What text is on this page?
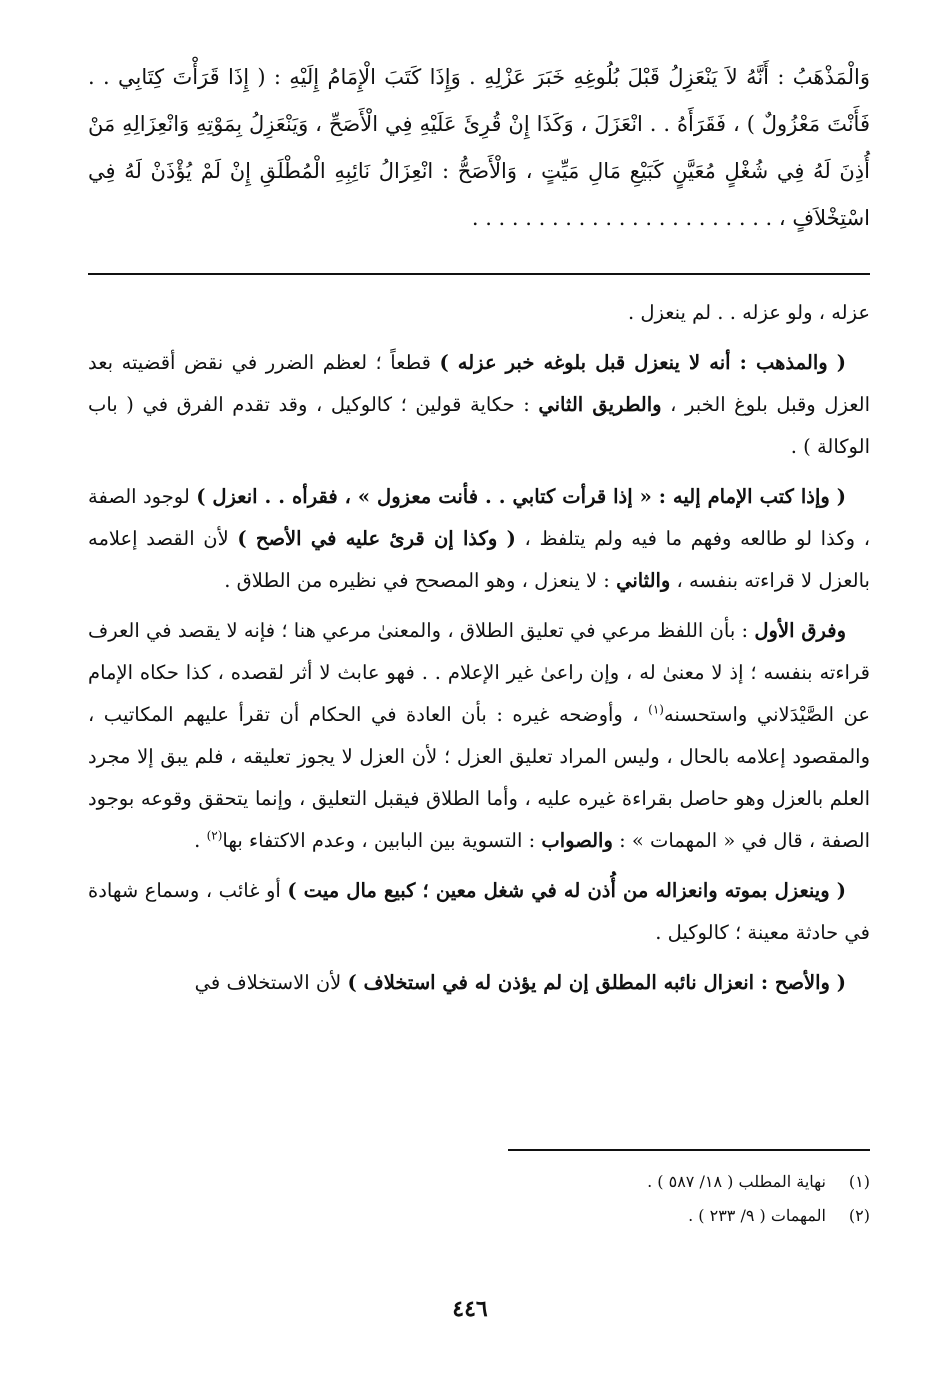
وَالْمَذْهَبُ : أَنَّهُ لاَ يَنْعَزِلُ قَبْلَ بُلُوغِهِ خَبَرَ عَزْلِهِ . وَإِذَا كَتَبَ الْإِمَامُ إِلَيْهِ : ( إِذَا قَرَأْتَ كِتَابِي . . فَأَنْتَ مَعْزُولٌ ) ، فَقَرَأَهُ . . انْعَزَلَ ، وَكَذَا إِنْ قُرِئَ عَلَيْهِ فِي الْأَصَحِّ ، وَيَنْعَزِلُ بِمَوْتِهِ وَانْعِزَالِهِ مَنْ أُذِنَ لَهُ فِي شُغْلٍ مُعَيَّنٍ كَبَيْعِ مَالِ مَيِّتٍ ، وَالْأَصَحُّ : انْعِزَالُ نَائِبِهِ الْمُطْلَقِ إِنْ لَمْ يُؤْذَنْ لَهُ فِي اسْتِخْلاَفٍ ، . . . . . . . . . . . . . . . . . . . . . . .

عزله ، ولو عزله . . لم ينعزل .

( والمذهب : أنه لا ينعزل قبل بلوغه خبر عزله ) قطعاً ؛ لعظم الضرر في نقض أقضيته بعد العزل وقبل بلوغ الخبر ، والطريق الثاني : حكاية قولين ؛ كالوكيل ، وقد تقدم الفرق في ( باب الوكالة ) .

( وإذا كتب الإمام إليه : « إذا قرأت كتابي . . فأنت معزول » ، فقرأه . . انعزل ) لوجود الصفة ، وكذا لو طالعه وفهم ما فيه ولم يتلفظ ، ( وكذا إن قرئ عليه في الأصح ) لأن القصد إعلامه بالعزل لا قراءته بنفسه ، والثاني : لا ينعزل ، وهو المصحح في نظيره من الطلاق .

وفرق الأول : بأن اللفظ مرعي في تعليق الطلاق ، والمعنىٰ مرعي هنا ؛ فإنه لا يقصد في العرف قراءته بنفسه ؛ إذ لا معنىٰ له ، وإن راعىٰ غير الإعلام . . فهو عابث لا أثر لقصده ، كذا حكاه الإمام عن الصَّيْدَلاني واستحسنه$^{(١)}$ ، وأوضحه غيره : بأن العادة في الحكام أن تقرأ عليهم المكاتيب ، والمقصود إعلامه بالحال ، وليس المراد تعليق العزل ؛ لأن العزل لا يجوز تعليقه ، فلم يبق إلا مجرد العلم بالعزل وهو حاصل بقراءة غيره عليه ، وأما الطلاق فيقبل التعليق ، وإنما يتحقق وقوعه بوجود الصفة ، قال في « المهمات » : والصواب : التسوية بين البابين ، وعدم الاكتفاء بها$^{(٢)}$ .

( وينعزل بموته وانعزاله من أُذن له في شغل معين ؛ كبيع مال ميت ) أو غائب ، وسماع شهادة في حادثة معينة ؛ كالوكيل .

( والأصح : انعزال نائبه المطلق إن لم يؤذن له في استخلاف ) لأن الاستخلاف في

(١)
نهاية المطلب ( ١٨/ ٥٨٧ ) .
(٢)
المهمات ( ٩/ ٢٣٣ ) .
٤٤٦
